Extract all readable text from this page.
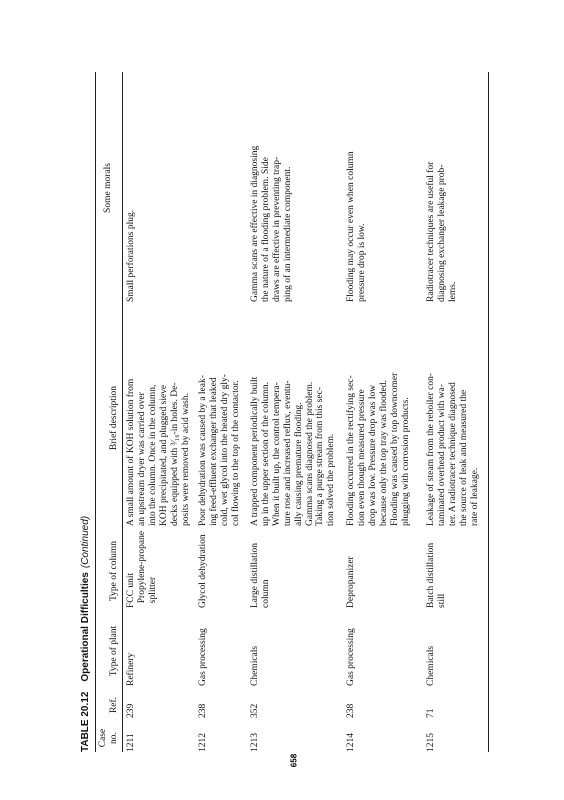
TABLE 20.12Operational Difficulties(Continued)
Case
no.
Ref.
Type of plant
Type of column
Brief description
Some morals
1211
239
Refinery
FCC unit
Propylene-propane
splitter
A small amount of KOH solution from
an upstream dryer was carried over
into the column. Once in the column,
KOH precipitated, and plugged sieve
decks equipped with ³⁄₁₆-in holes. De-
posits were removed by acid wash.
Small perforations plug.
1212
238
Gas processing
Glycol dehydration
Poor dehydration was caused by a leak-
ing feed-effluent exchanger that leaked
cold, wet glycol into the heated dry gly-
col flowing to the top of the contactor.
1213
352
Chemicals
Large distillation
column
A trapped component periodically built
up in the upper section of the column.
When it built up, the control tempera-
ture rose and increased reflux, eventu-
ally causing premature flooding.
Gamma scans diagnosed the problem.
Taking a purge stream from this sec-
tion solved the problem.
Gamma scans are effective in diagnosing
the nature of a flooding problem. Side
draws are effective in preventing trap-
ping of an intermediate component.
1214
238
Gas processing
Depropanizer
Flooding occurred in the rectifying sec-
tion even though measured pressure
drop was low. Pressure drop was low
because only the top tray was flooded.
Flooding was caused by top downcomer
plugging with corrosion products.
Flooding may occur even when column
pressure drop is low.
1215
71
Chemicals
Batch distillation
still
Leakage of steam from the reboiler con-
taminated overhead product with wa-
ter. A radiotracer technique diagnosed
the source of leak and measured the
rate of leakage.
Radiotracer techniques are useful for
diagnosing exchanger leakage prob-
lems.
658
